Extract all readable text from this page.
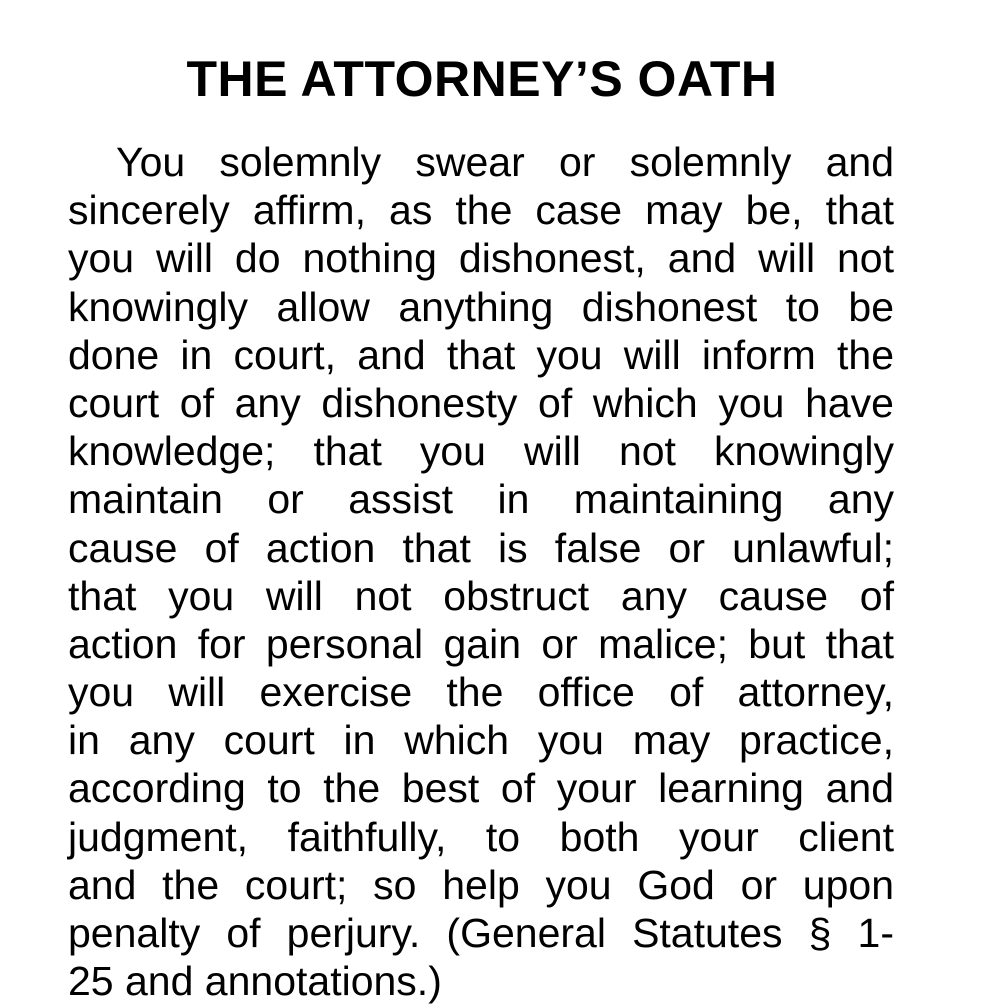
THE ATTORNEY’S OATH
You solemnly swear or solemnly and
sincerely affirm, as the case may be, that
you will do nothing dishonest, and will not
knowingly allow anything dishonest to be
done in court, and that you will inform the
court of any dishonesty of which you have
knowledge; that you will not knowingly
maintain or assist in maintaining any
cause of action that is false or unlawful;
that you will not obstruct any cause of
action for personal gain or malice; but that
you will exercise the office of attorney,
in any court in which you may practice,
according to the best of your learning and
judgment, faithfully, to both your client
and the court; so help you God or upon
penalty of perjury. (General Statutes § 1-
25 and annotations.)
